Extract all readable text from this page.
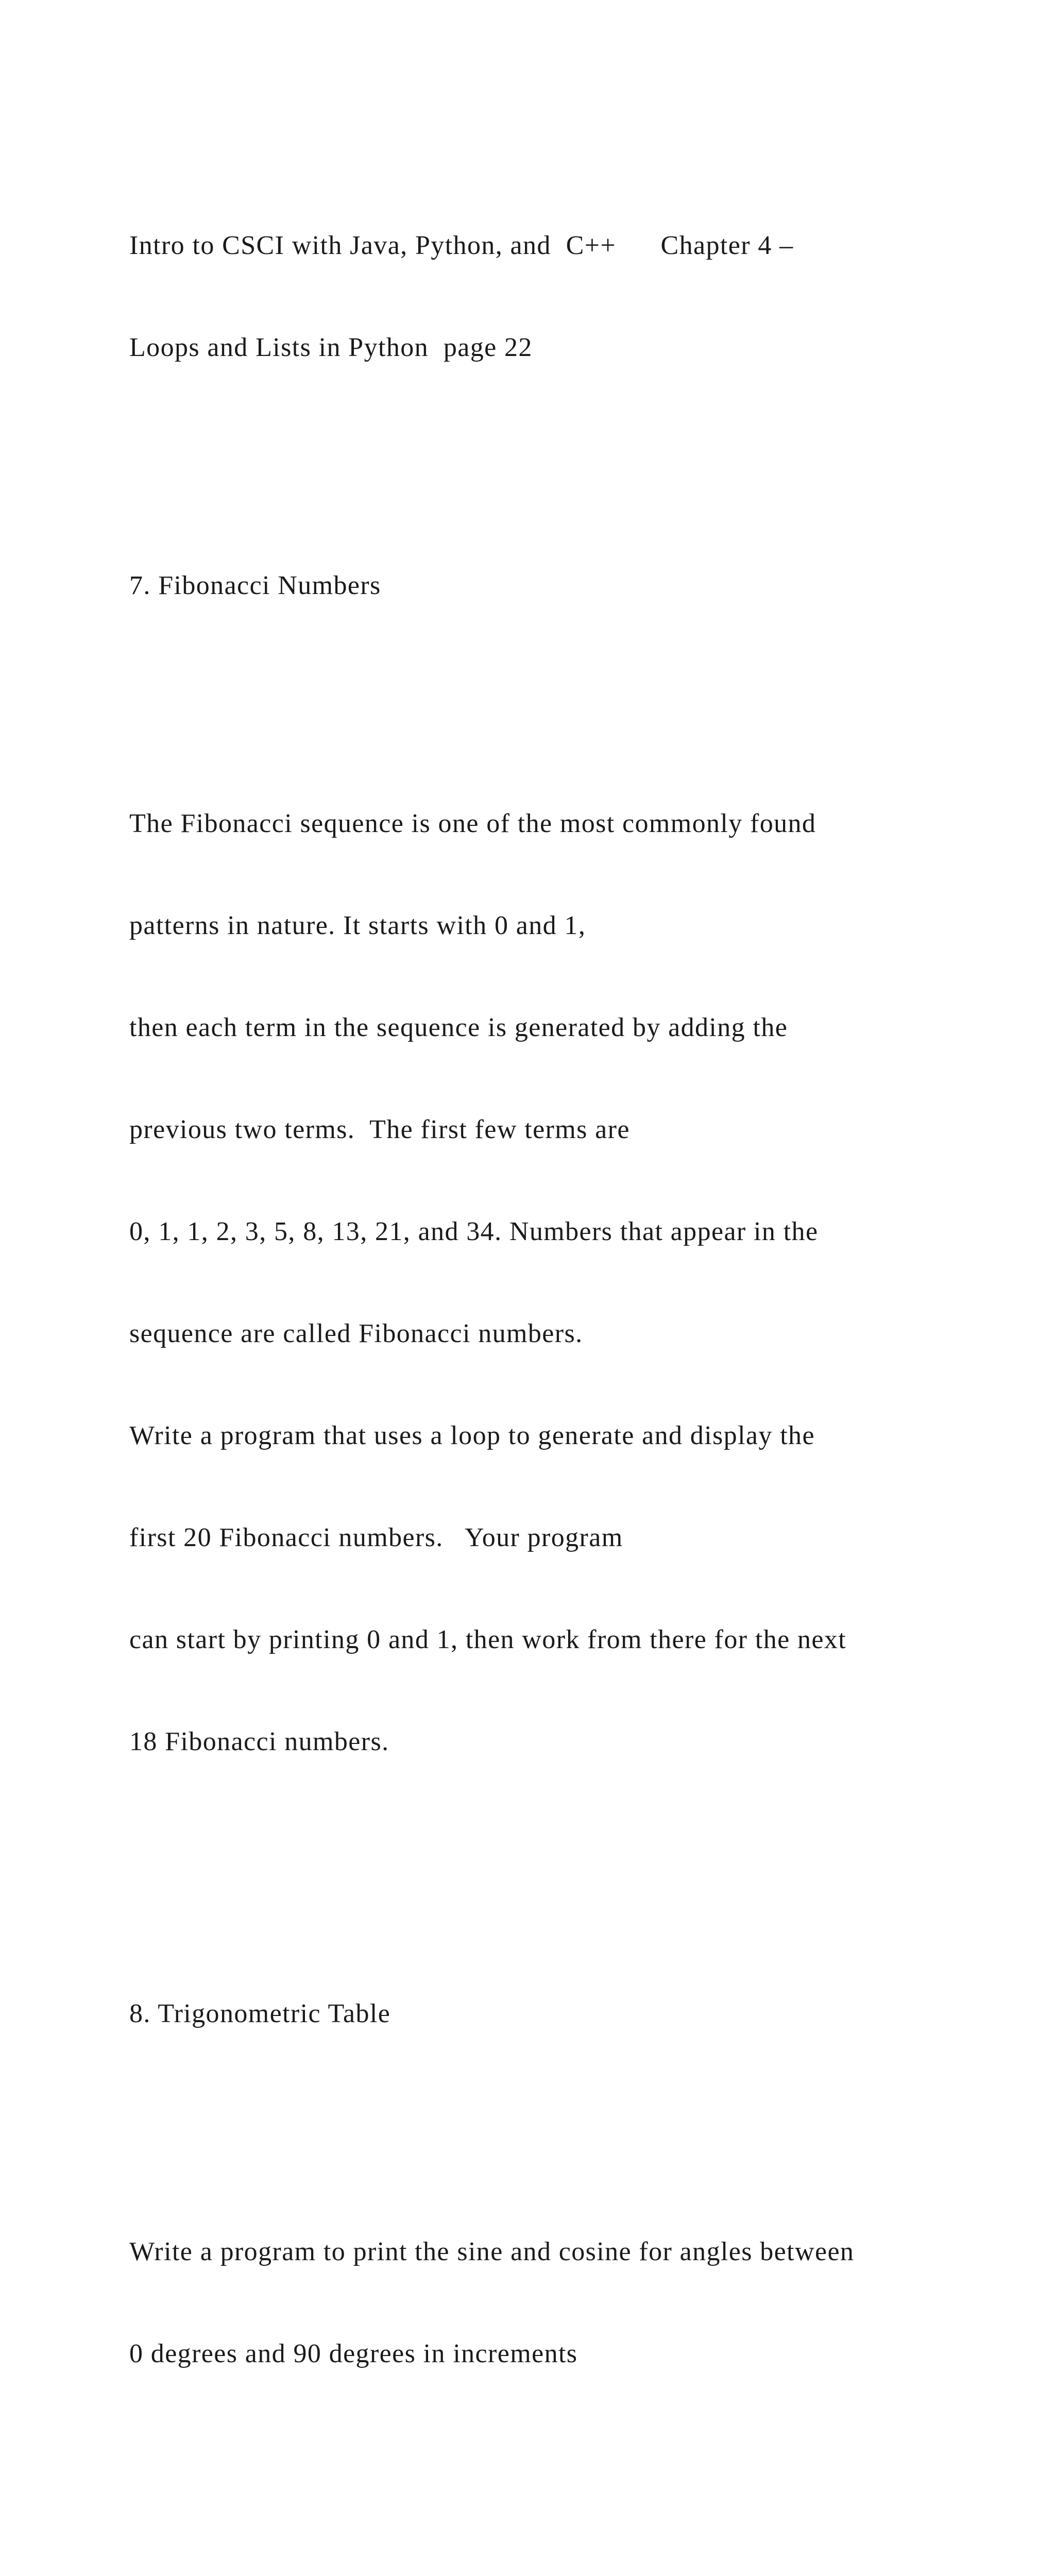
Intro to CSCI with Java, Python, and  C++      Chapter 4 –

Loops and Lists in Python  page 22

7. Fibonacci Numbers

The Fibonacci sequence is one of the most commonly found

patterns in nature. It starts with 0 and 1,

then each term in the sequence is generated by adding the

previous two terms.  The first few terms are

0, 1, 1, 2, 3, 5, 8, 13, 21, and 34. Numbers that appear in the

sequence are called Fibonacci numbers.

Write a program that uses a loop to generate and display the

first 20 Fibonacci numbers.   Your program

can start by printing 0 and 1, then work from there for the next

18 Fibonacci numbers.

8. Trigonometric Table

Write a program to print the sine and cosine for angles between

0 degrees and 90 degrees in increments
